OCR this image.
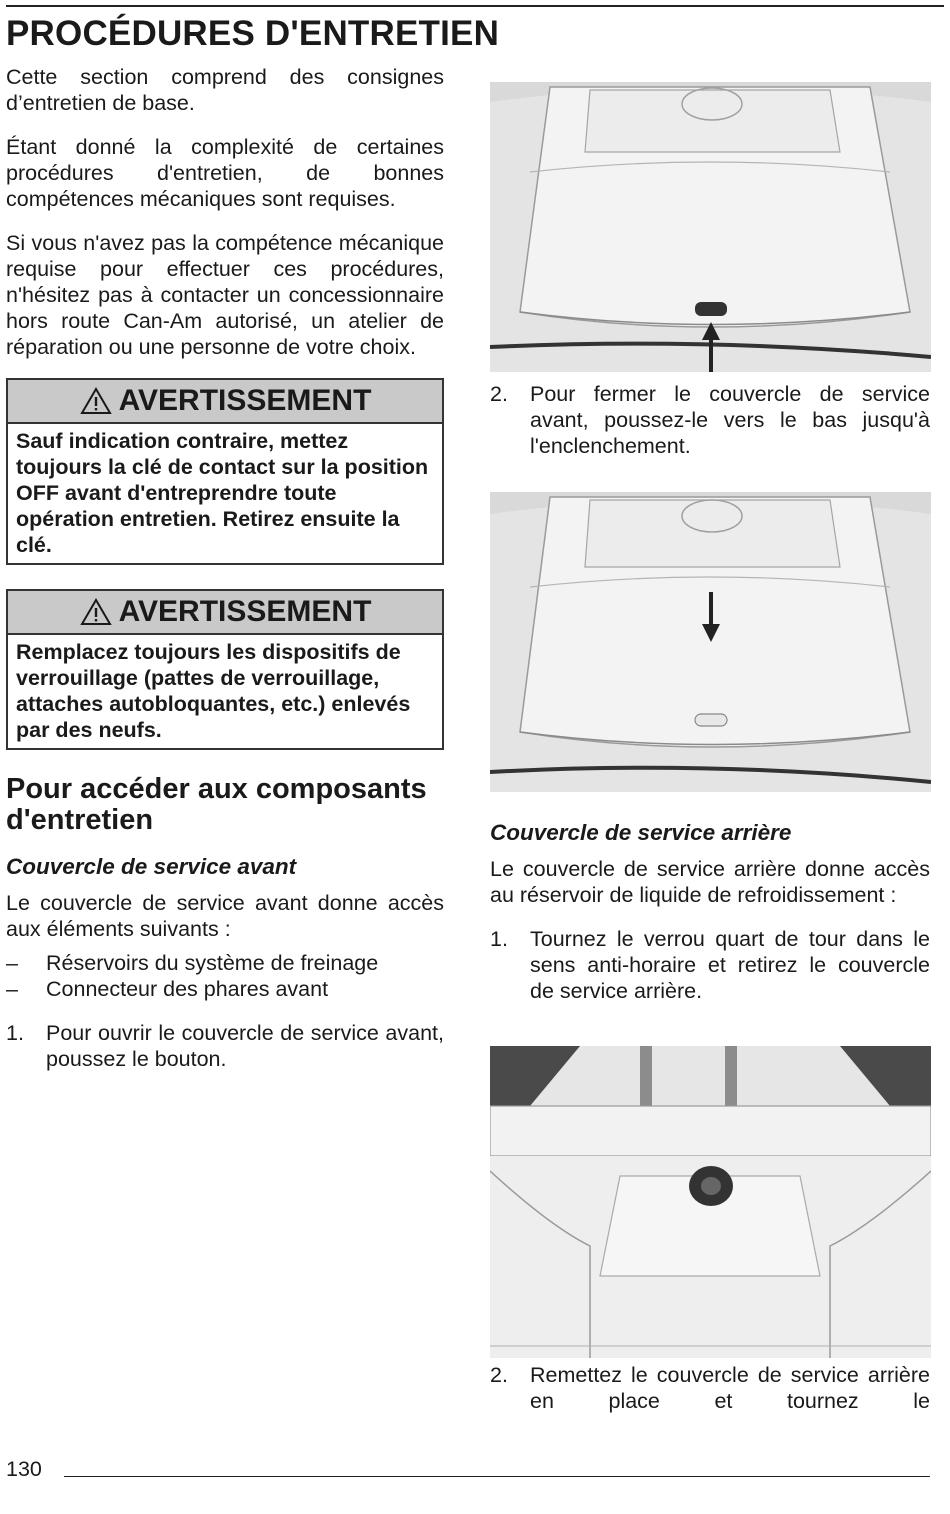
PROCÉDURES D'ENTRETIEN

Cette section comprend des consignes d’entretien de base.

Étant donné la complexité de certaines procédures d'entretien, de bonnes compétences mécaniques sont requises.

Si vous n'avez pas la compétence mécanique requise pour effectuer ces procédures, n'hésitez pas à contacter un concessionnaire hors route Can-Am autorisé, un atelier de réparation ou une personne de votre choix.

AVERTISSEMENT
Sauf indication contraire, mettez toujours la clé de contact sur la position OFF avant d'entreprendre toute opération entretien. Retirez ensuite la clé.
AVERTISSEMENT
Remplacez toujours les dispositifs de verrouillage (pattes de verrouillage, attaches autobloquantes, etc.) enlevés par des neufs.
Pour accéder aux composants d'entretien
Couvercle de service avant

Le couvercle de service avant donne accès aux éléments suivants :

–	Réservoirs du système de freinage
–	Connecteur des phares avant
1.	Pour ouvrir le couvercle de service avant, poussez le bouton.
2.	Pour fermer le couvercle de service avant, poussez-le vers le bas jusqu'à l'enclenchement.
Couvercle de service arrière

Le couvercle de service arrière donne accès au réservoir de liquide de refroidissement :

1.	Tournez le verrou quart de tour dans le sens anti-horaire et retirez le couvercle de service arrière.
2.	Remettez le couvercle de service arrière en place et tournez le
130
